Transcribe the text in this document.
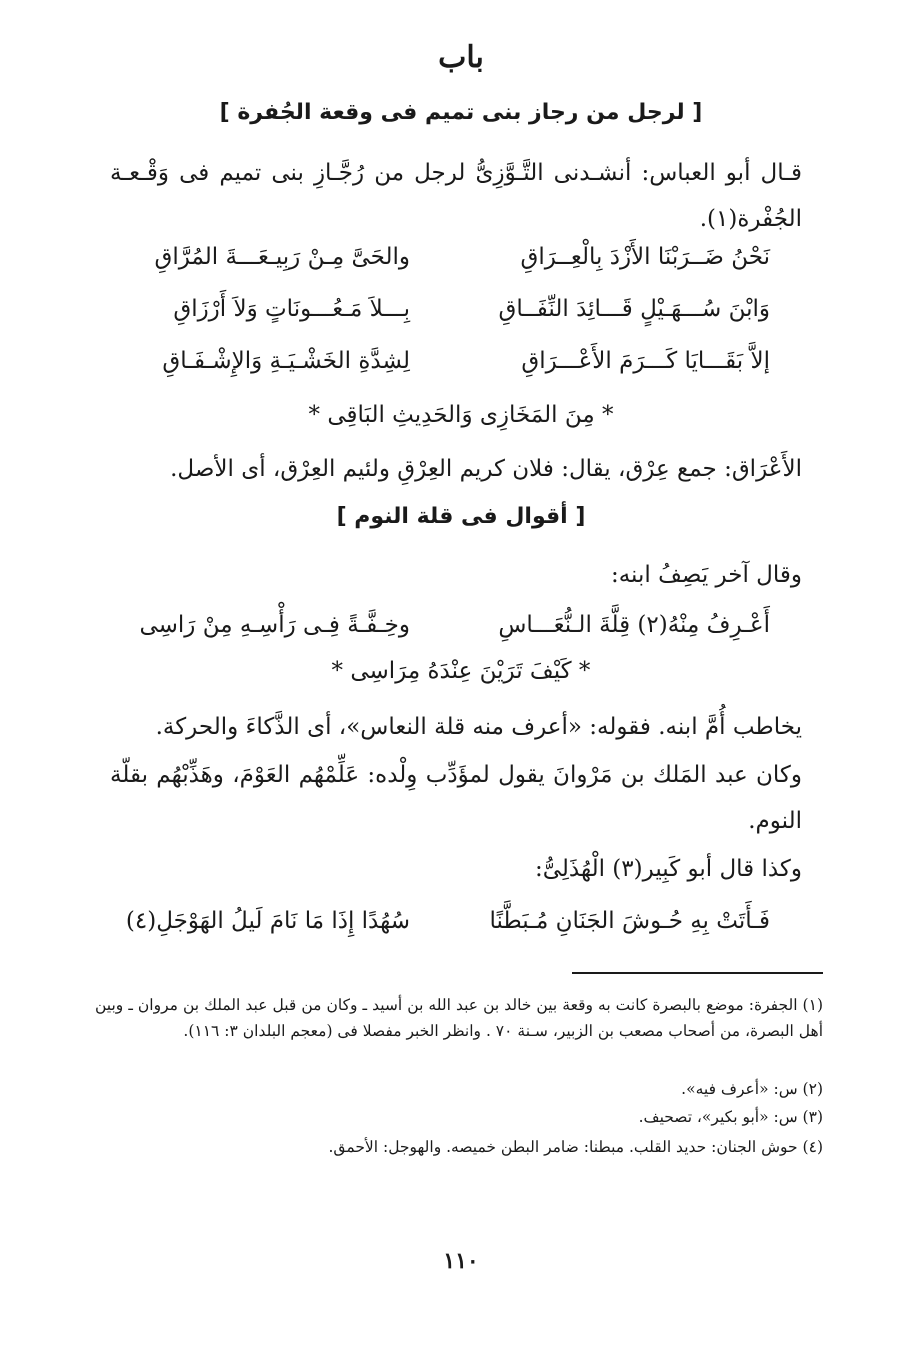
باب
[ لرجل من رجاز بنى تميم فى وقعة الجُفرة ]
قـال أبو العباس: أنشـدنى التَّـوَّزِىُّ لرجل من رُجَّـازِ بنى تميم فى وَقْـعـة الجُفْرة(١).
نَحْنُ ضَــرَبْنَا الأَزْدَ بِالْعِــرَاقِ
والحَىَّ مِـنْ رَبِيـعَـــةَ المُرَّاقِ
وَابْنَ سُـــهَـيْلٍ قَـــائِدَ النِّفَــاقِ
بِـــلاَ مَـعُـــونَاتٍ وَلاَ أَرْزَاقِ
إلاَّ بَقَـــايَا كَـــرَمَ الأَعْـــرَاقِ
لِشِدَّةِ الخَشْـيَـةِ وَالإِشْـفَـاقِ
* مِنَ المَخَازِى وَالحَدِيثِ البَاقِى *
الأَعْرَاق: جمع عِرْق، يقال: فلان كريم العِرْقِ ولئيم العِرْق، أى الأصل.
[ أقوال فى قلة النوم ]
وقال آخر يَصِفُ ابنه:
أَعْـرِفُ مِنْهُ(٢) قِلَّةَ الـنُّعَـــاسِ
وخِـفَّـةً فِـى رَأْسِـهِ مِنْ رَاسِى
* كَيْفَ تَرَيْنَ عِنْدَهُ مِرَاسِى *
يخاطب أُمَّ ابنه. فقوله: «أعرف منه قلة النعاس»، أى الذَّكاءَ والحركة.
وكان عبد المَلك بن مَرْوانَ يقول لمؤَدِّب وِلْده: عَلِّمْهُم العَوْمَ، وهَذِّبْهُم بقلّة النوم.
وكذا قال أبو كَبِير(٣) الْهُذَلِىُّ:
فَـأَتَتْ بِهِ حُـوشَ الجَنَانِ مُـبَطَّنًا
سُهُدًا إِذَا مَا نَامَ لَيلُ الهَوْجَلِ(٤)
(١) الجفرة: موضع بالبصرة كانت به وقعة بين خالد بن عبد الله بن أسيد ـ وكان من قبل عبد الملك بن مروان ـ وبين أهل البصرة، من أصحاب مصعب بن الزبير، سـنة ٧٠ . وانظر الخبر مفصلا فى (معجم البلدان ٣: ١١٦).
(٢) س: «أعرف فيه».
(٣) س: «أبو بكير»، تصحيف.
(٤) حوش الجنان: حديد القلب. مبطنا: ضامر البطن خميصه. والهوجل: الأحمق.
١١٠
